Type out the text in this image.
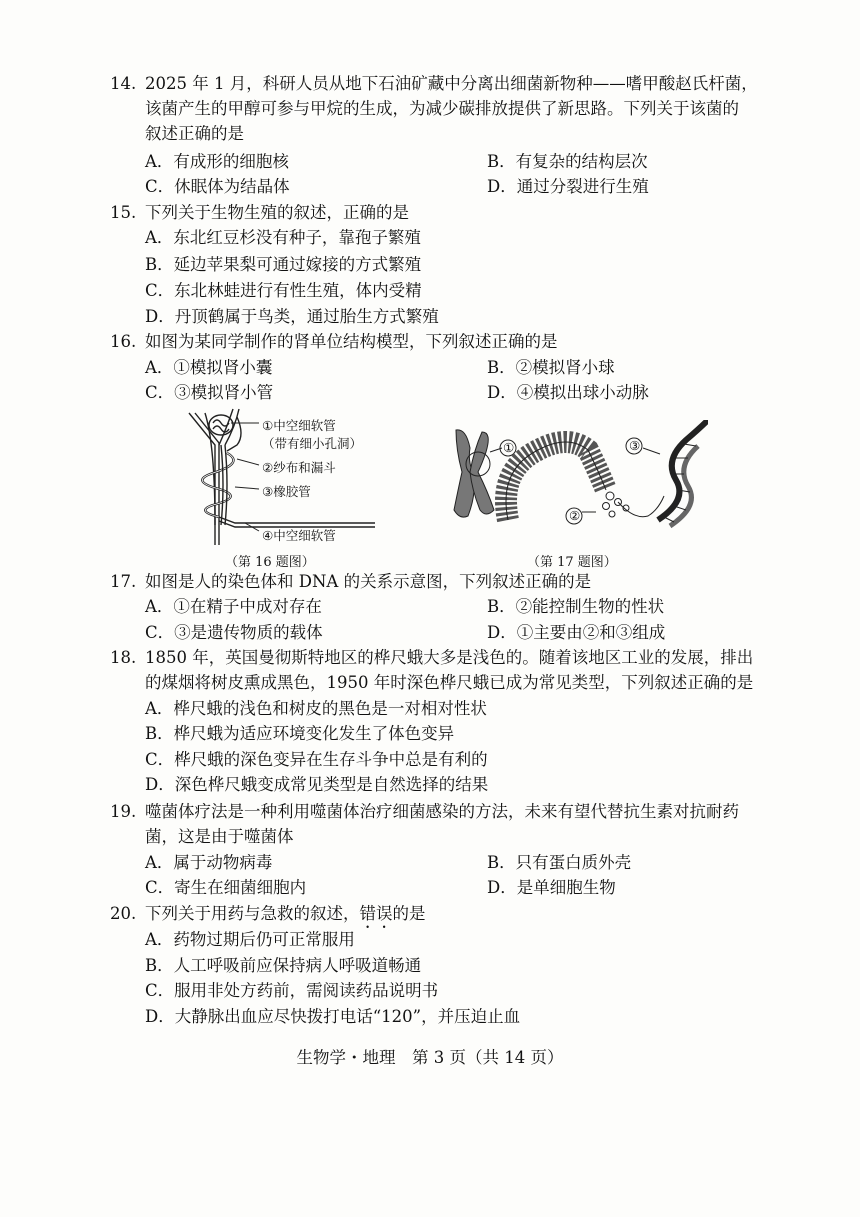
14. 2025 年 1 月，科研人员从地下石油矿藏中分离出细菌新物种——嗜甲酸赵氏杆菌，
该菌产生的甲醇可参与甲烷的生成，为减少碳排放提供了新思路。下列关于该菌的
叙述正确的是
A．有成形的细胞核	B．有复杂的结构层次
C．休眠体为结晶体	D．通过分裂进行生殖
15. 下列关于生物生殖的叙述，正确的是
A．东北红豆杉没有种子，靠孢子繁殖
B．延边苹果梨可通过嫁接的方式繁殖
C．东北林蛙进行有性生殖，体内受精
D．丹顶鹤属于鸟类，通过胎生方式繁殖
16. 如图为某同学制作的肾单位结构模型，下列叙述正确的是
A．①模拟肾小囊	B．②模拟肾小球
C．③模拟肾小管	D．④模拟出球小动脉
①中空细软管
（带有细小孔洞）
②纱布和漏斗
③橡胶管
④中空细软管
（第 16 题图）
①
②
③
（第 17 题图）
17. 如图是人的染色体和 DNA 的关系示意图，下列叙述正确的是
A．①在精子中成对存在	B．②能控制生物的性状
C．③是遗传物质的载体	D．①主要由②和③组成
18. 1850 年，英国曼彻斯特地区的桦尺蛾大多是浅色的。随着该地区工业的发展，排出
的煤烟将树皮熏成黑色，1950 年时深色桦尺蛾已成为常见类型，下列叙述正确的是
A．桦尺蛾的浅色和树皮的黑色是一对相对性状
B．桦尺蛾为适应环境变化发生了体色变异
C．桦尺蛾的深色变异在生存斗争中总是有利的
D．深色桦尺蛾变成常见类型是自然选择的结果
19. 噬菌体疗法是一种利用噬菌体治疗细菌感染的方法，未来有望代替抗生素对抗耐药
菌，这是由于噬菌体
A．属于动物病毒	B．只有蛋白质外壳
C．寄生在细菌细胞内	D．是单细胞生物
20. 下列关于用药与急救的叙述，错误的是
A．药物过期后仍可正常服用
B．人工呼吸前应保持病人呼吸道畅通
C．服用非处方药前，需阅读药品说明书
D．大静脉出血应尽快拨打电话“120”，并压迫止血
生物学・地理　第 3 页（共 14 页）
